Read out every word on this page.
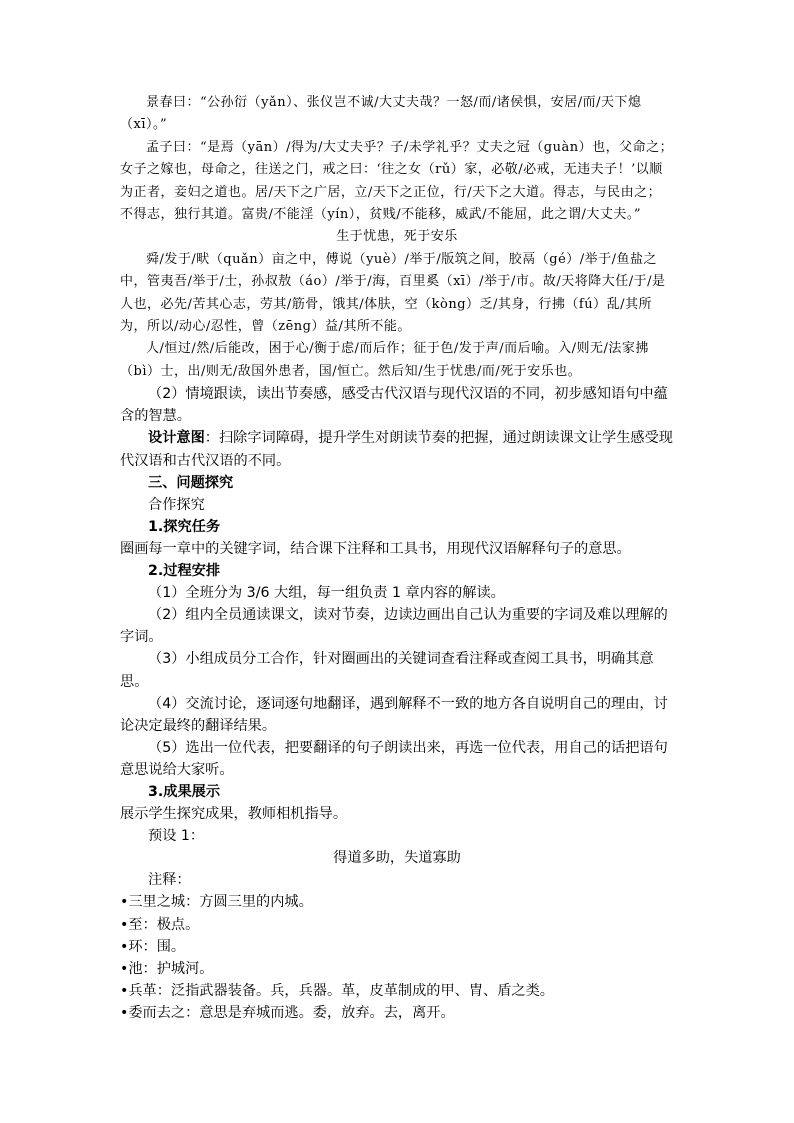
景春曰：“公孙衍（yǎn）、张仪岂不诚/大丈夫哉？一怒/而/诸侯惧，安居/而/天下熄（xī）。”

孟子曰：“是焉（yān）/得为/大丈夫乎？子/未学礼乎？丈夫之冠（guàn）也，父命之；女子之嫁也，母命之，往送之门，戒之曰：‘往之女（rǔ）家，必敬/必戒，无违夫子！’以顺为正者，妾妇之道也。居/天下之广居，立/天下之正位，行/天下之大道。得志，与民由之；不得志，独行其道。富贵/不能淫（yín），贫贱/不能移，威武/不能屈，此之谓/大丈夫。”

生于忧患，死于安乐

舜/发于/畎（quǎn）亩之中，傅说（yuè）/举于/版筑之间，胶鬲（gé）/举于/鱼盐之中，管夷吾/举于/士，孙叔敖（áo）/举于/海，百里奚（xī）/举于/市。故/天将降大任/于/是人也，必先/苦其心志，劳其/筋骨，饿其/体肤，空（kòng）乏/其身，行拂（fú）乱/其所为，所以/动心/忍性，曾（zēng）益/其所不能。

人/恒过/然/后能改，困于心/衡于虑/而后作；征于色/发于声/而后喻。入/则无/法家拂（bì）士，出/则无/敌国外患者，国/恒亡。然后知/生于忧患/而/死于安乐也。

（2）情境跟读，读出节奏感，感受古代汉语与现代汉语的不同，初步感知语句中蕴含的智慧。

设计意图：扫除字词障碍，提升学生对朗读节奏的把握，通过朗读课文让学生感受现代汉语和古代汉语的不同。

三、问题探究

合作探究

1.探究任务

圈画每一章中的关键字词，结合课下注释和工具书，用现代汉语解释句子的意思。

2.过程安排

（1）全班分为 3/6 大组，每一组负责 1 章内容的解读。

（2）组内全员通读课文，读对节奏，边读边画出自己认为重要的字词及难以理解的字词。

（3）小组成员分工合作，针对圈画出的关键词查看注释或查阅工具书，明确其意思。

（4）交流讨论，逐词逐句地翻译，遇到解释不一致的地方各自说明自己的理由，讨论决定最终的翻译结果。

（5）选出一位代表，把要翻译的句子朗读出来，再选一位代表，用自己的话把语句意思说给大家听。

3.成果展示

展示学生探究成果，教师相机指导。

预设 1：

得道多助，失道寡助

注释：

•三里之城：方圆三里的内城。

•至：极点。

•环：围。

•池：护城河。

•兵革：泛指武器装备。兵，兵器。革，皮革制成的甲、胄、盾之类。

•委而去之：意思是弃城而逃。委，放弃。去，离开。
